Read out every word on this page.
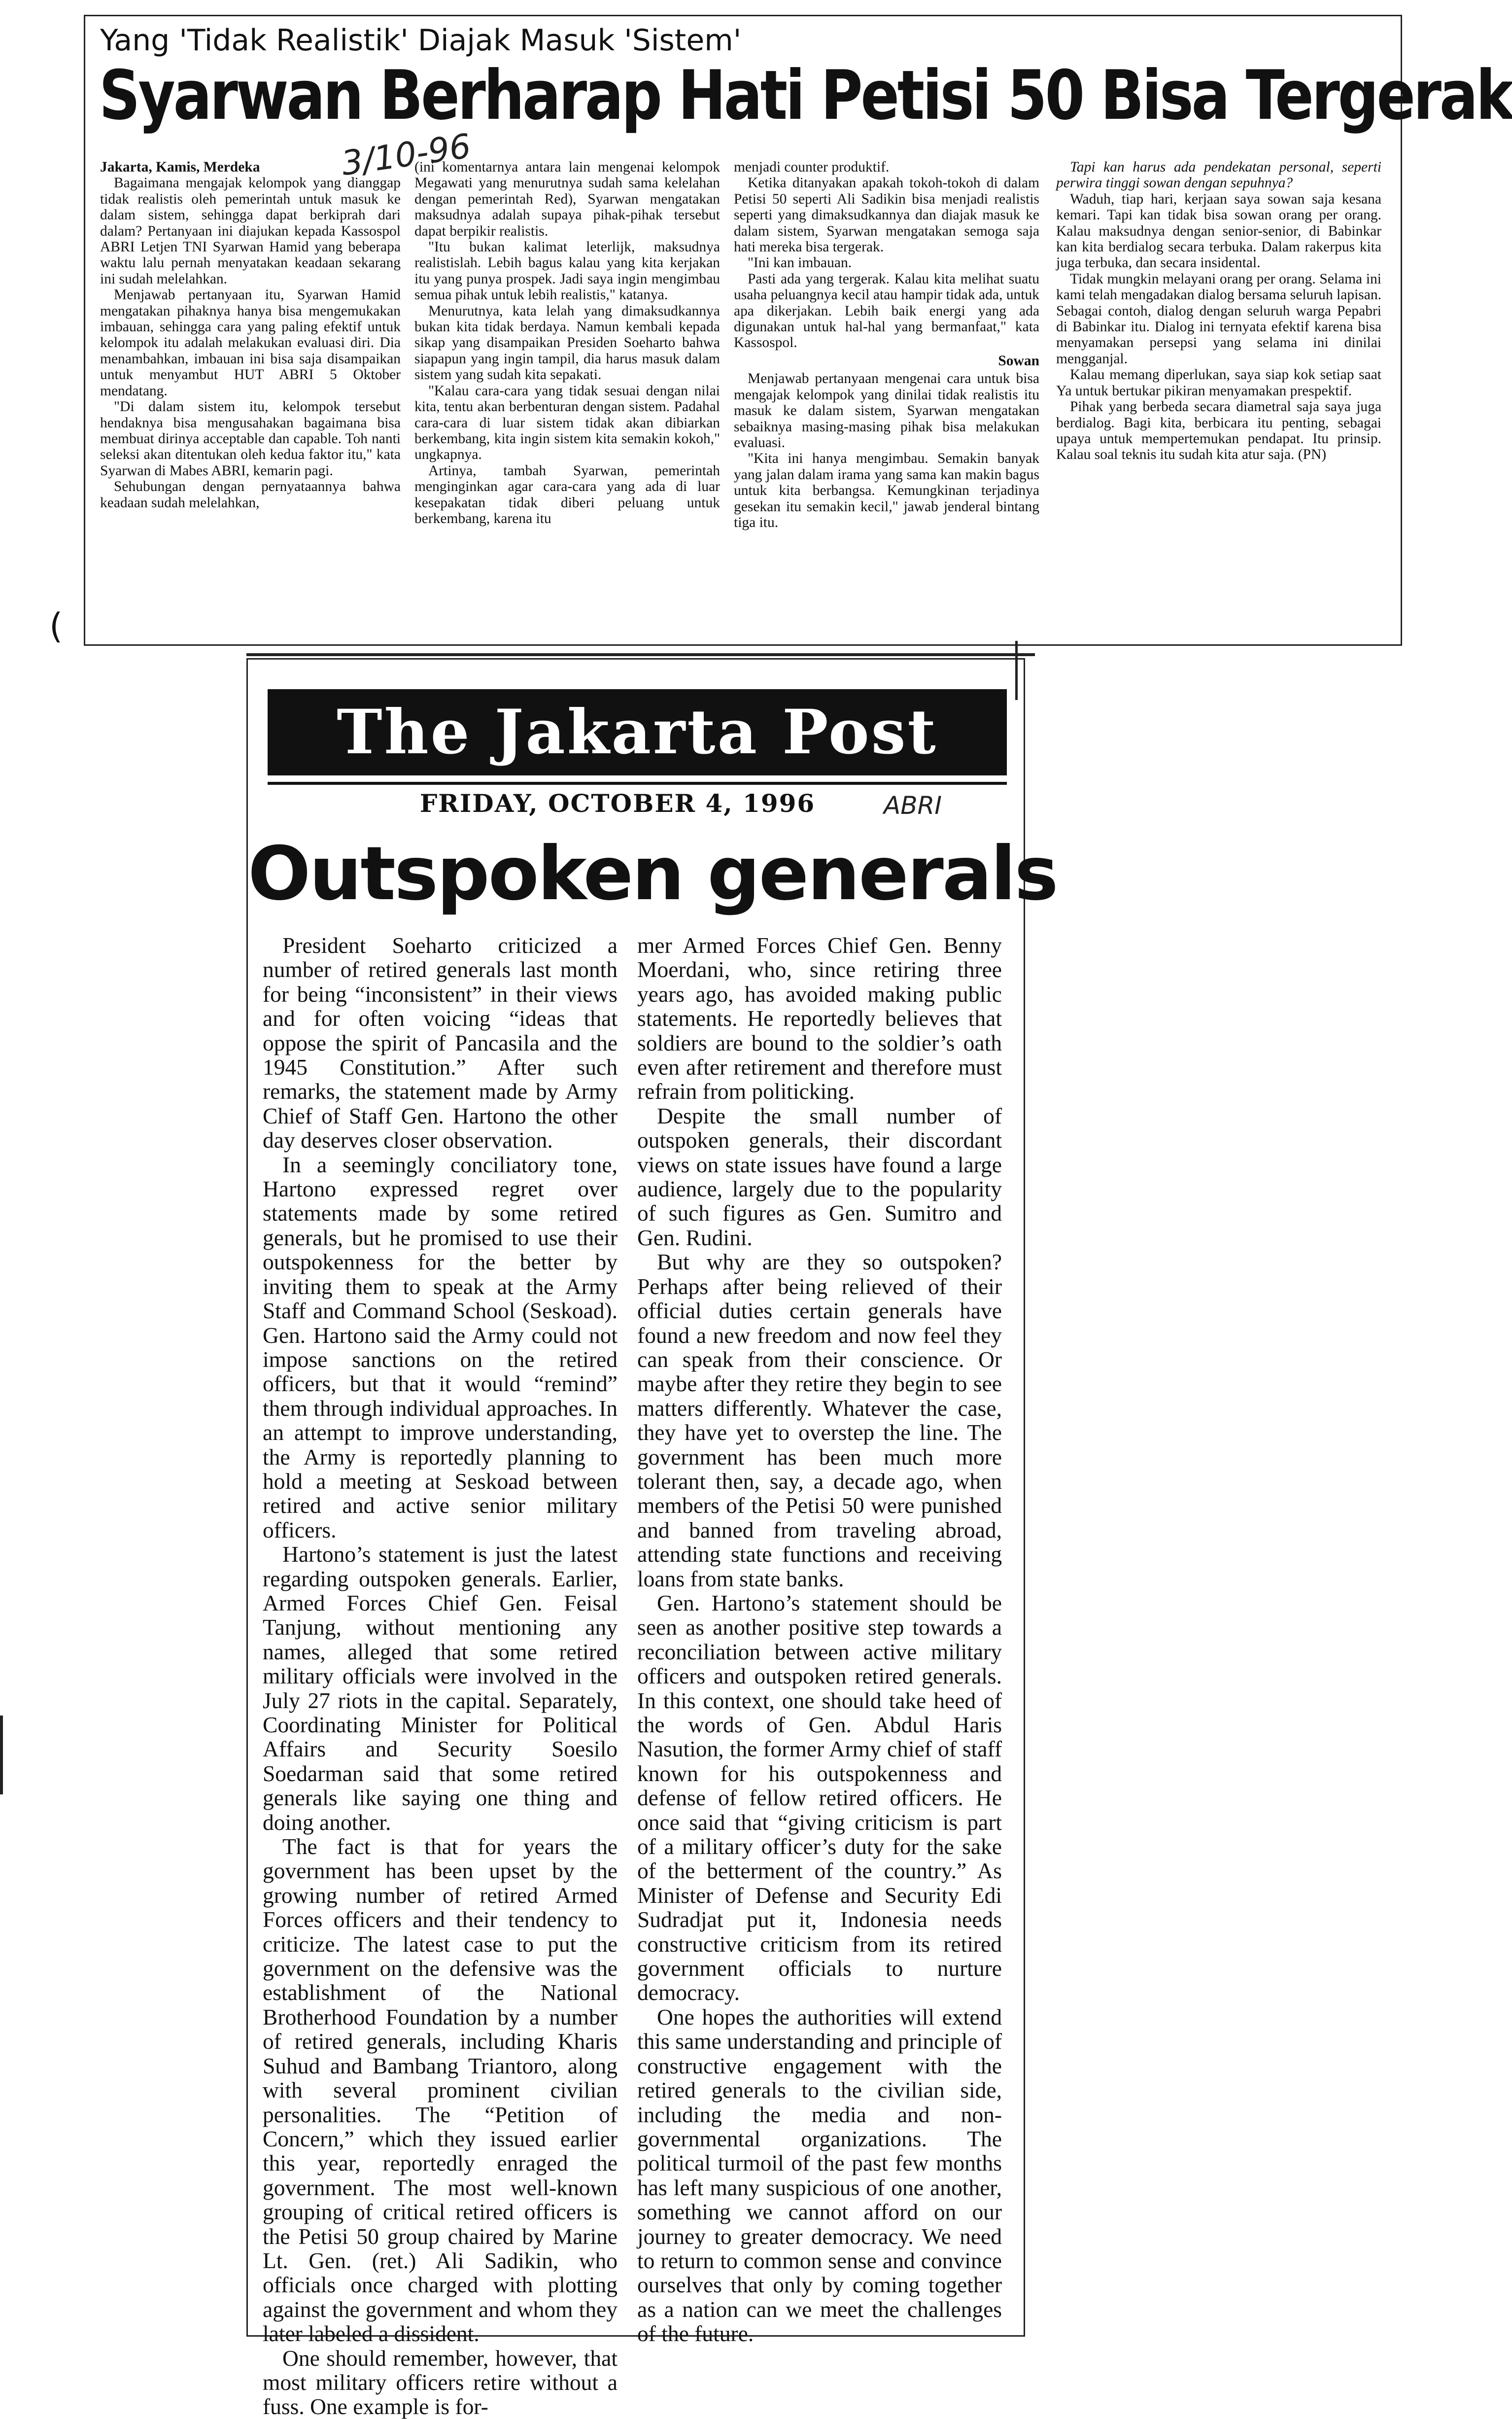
Yang 'Tidak Realistik' Diajak Masuk 'Sistem'
Syarwan Berharap Hati Petisi 50 Bisa Tergerak
3/10-96

Jakarta, Kamis, Merdeka

Bagaimana mengajak kelompok yang dianggap tidak realistis oleh pemerintah untuk masuk ke dalam sistem, sehingga dapat berkiprah dari dalam? Pertanyaan ini diajukan kepada Kassospol ABRI Letjen TNI Syarwan Hamid yang beberapa waktu lalu pernah menyatakan keadaan sekarang ini sudah melelahkan.

Menjawab pertanyaan itu, Syarwan Hamid mengatakan pihaknya hanya bisa mengemukakan imbauan, sehingga cara yang paling efektif untuk kelompok itu adalah melakukan evaluasi diri. Dia menambahkan, imbauan ini bisa saja disampaikan untuk menyambut HUT ABRI 5 Oktober mendatang.

"Di dalam sistem itu, kelompok tersebut hendaknya bisa mengusahakan bagaimana bisa membuat dirinya acceptable dan capable. Toh nanti seleksi akan ditentukan oleh kedua faktor itu," kata Syarwan di Mabes ABRI, kemarin pagi.

Sehubungan dengan pernyataannya bahwa keadaan sudah melelahkan,

(ini komentarnya antara lain mengenai kelompok Megawati yang menurutnya sudah sama kelelahan dengan pemerintah Red), Syarwan mengatakan maksudnya adalah supaya pihak-pihak tersebut dapat berpikir realistis.

"Itu bukan kalimat leterlijk, maksudnya realistislah. Lebih bagus kalau yang kita kerjakan itu yang punya prospek. Jadi saya ingin mengimbau semua pihak untuk lebih realistis," katanya.

Menurutnya, kata lelah yang dimaksudkannya bukan kita tidak berdaya. Namun kembali kepada sikap yang disampaikan Presiden Soeharto bahwa siapapun yang ingin tampil, dia harus masuk dalam sistem yang sudah kita sepakati.

"Kalau cara-cara yang tidak sesuai dengan nilai kita, tentu akan berbenturan dengan sistem. Padahal cara-cara di luar sistem tidak akan dibiarkan berkembang, kita ingin sistem kita semakin kokoh," ungkapnya.

Artinya, tambah Syarwan, pemerintah menginginkan agar cara-cara yang ada di luar kesepakatan tidak diberi peluang untuk berkembang, karena itu

menjadi counter produktif.

Ketika ditanyakan apakah tokoh-tokoh di dalam Petisi 50 seperti Ali Sadikin bisa menjadi realistis seperti yang dimaksudkannya dan diajak masuk ke dalam sistem, Syarwan mengatakan semoga saja hati mereka bisa tergerak.

"Ini kan imbauan.

Pasti ada yang tergerak. Kalau kita melihat suatu usaha peluangnya kecil atau hampir tidak ada, untuk apa dikerjakan. Lebih baik energi yang ada digunakan untuk hal-hal yang bermanfaat," kata Kassospol.

Sowan

Menjawab pertanyaan mengenai cara untuk bisa mengajak kelompok yang dinilai tidak realistis itu masuk ke dalam sistem, Syarwan mengatakan sebaiknya masing-masing pihak bisa melakukan evaluasi.

"Kita ini hanya mengimbau. Semakin banyak yang jalan dalam irama yang sama kan makin bagus untuk kita berbangsa. Kemungkinan terjadinya gesekan itu semakin kecil," jawab jenderal bintang tiga itu.

Tapi kan harus ada pendekatan personal, seperti perwira tinggi sowan dengan sepuhnya?

Waduh, tiap hari, kerjaan saya sowan saja kesana kemari. Tapi kan tidak bisa sowan orang per orang. Kalau maksudnya dengan senior-senior, di Babinkar kan kita berdialog secara terbuka. Dalam rakerpus kita juga terbuka, dan secara insidental.

Tidak mungkin melayani orang per orang. Selama ini kami telah mengadakan dialog bersama seluruh lapisan. Sebagai contoh, dialog dengan seluruh warga Pepabri di Babinkar itu. Dialog ini ternyata efektif karena bisa menyamakan persepsi yang selama ini dinilai mengganjal.

Kalau memang diperlukan, saya siap kok setiap saat Ya untuk bertukar pikiran menyamakan prespektif.

Pihak yang berbeda secara diametral saja saya juga berdialog. Bagi kita, berbicara itu penting, sebagai upaya untuk mempertemukan pendapat. Itu prinsip. Kalau soal teknis itu sudah kita atur saja. (PN)

(
The Jakarta Post
FRIDAY, OCTOBER 4, 1996	ABRI
Outspoken generals

President Soeharto criticized a number of retired generals last month for being “inconsistent” in their views and for often voicing “ideas that oppose the spirit of Pancasila and the 1945 Constitution.” After such remarks, the statement made by Army Chief of Staff Gen. Hartono the other day deserves closer observation.

In a seemingly conciliatory tone, Hartono expressed regret over statements made by some retired generals, but he promised to use their outspokenness for the better by inviting them to speak at the Army Staff and Command School (Seskoad). Gen. Hartono said the Army could not impose sanctions on the retired officers, but that it would “remind” them through individual approaches. In an attempt to improve understanding, the Army is reportedly planning to hold a meeting at Seskoad between retired and active senior military officers.

Hartono’s statement is just the latest regarding outspoken generals. Earlier, Armed Forces Chief Gen. Feisal Tanjung, without mentioning any names, alleged that some retired military officials were involved in the July 27 riots in the capital. Separately, Coordinating Minister for Political Affairs and Security Soesilo Soedarman said that some retired generals like saying one thing and doing another.

The fact is that for years the government has been upset by the growing number of retired Armed Forces officers and their tendency to criticize. The latest case to put the government on the defensive was the establishment of the National Brotherhood Foundation by a number of retired generals, including Kharis Suhud and Bambang Triantoro, along with several prominent civilian personalities. The “Petition of Concern,” which they issued earlier this year, reportedly enraged the government. The most well-known grouping of critical retired officers is the Petisi 50 group chaired by Marine Lt. Gen. (ret.) Ali Sadikin, who officials once charged with plotting against the government and whom they later labeled a dissident.

One should remember, however, that most military officers retire without a fuss. One example is for-

mer Armed Forces Chief Gen. Benny Moerdani, who, since retiring three years ago, has avoided making public statements. He reportedly believes that soldiers are bound to the soldier’s oath even after retirement and therefore must refrain from politicking.

Despite the small number of outspoken generals, their discordant views on state issues have found a large audience, largely due to the popularity of such figures as Gen. Sumitro and Gen. Rudini.

But why are they so outspoken? Perhaps after being relieved of their official duties certain generals have found a new freedom and now feel they can speak from their conscience. Or maybe after they retire they begin to see matters differently. Whatever the case, they have yet to overstep the line. The government has been much more tolerant then, say, a decade ago, when members of the Petisi 50 were punished and banned from traveling abroad, attending state functions and receiving loans from state banks.

Gen. Hartono’s statement should be seen as another positive step towards a reconciliation between active military officers and outspoken retired generals. In this context, one should take heed of the words of Gen. Abdul Haris Nasution, the former Army chief of staff known for his outspokenness and defense of fellow retired officers. He once said that “giving criticism is part of a military officer’s duty for the sake of the betterment of the country.” As Minister of Defense and Security Edi Sudradjat put it, Indonesia needs constructive criticism from its retired government officials to nurture democracy.

One hopes the authorities will extend this same understanding and principle of constructive engagement with the retired generals to the civilian side, including the media and non-governmental organizations. The political turmoil of the past few months has left many suspicious of one another, something we cannot afford on our journey to greater democracy. We need to return to common sense and convince ourselves that only by coming together as a nation can we meet the challenges of the future.
